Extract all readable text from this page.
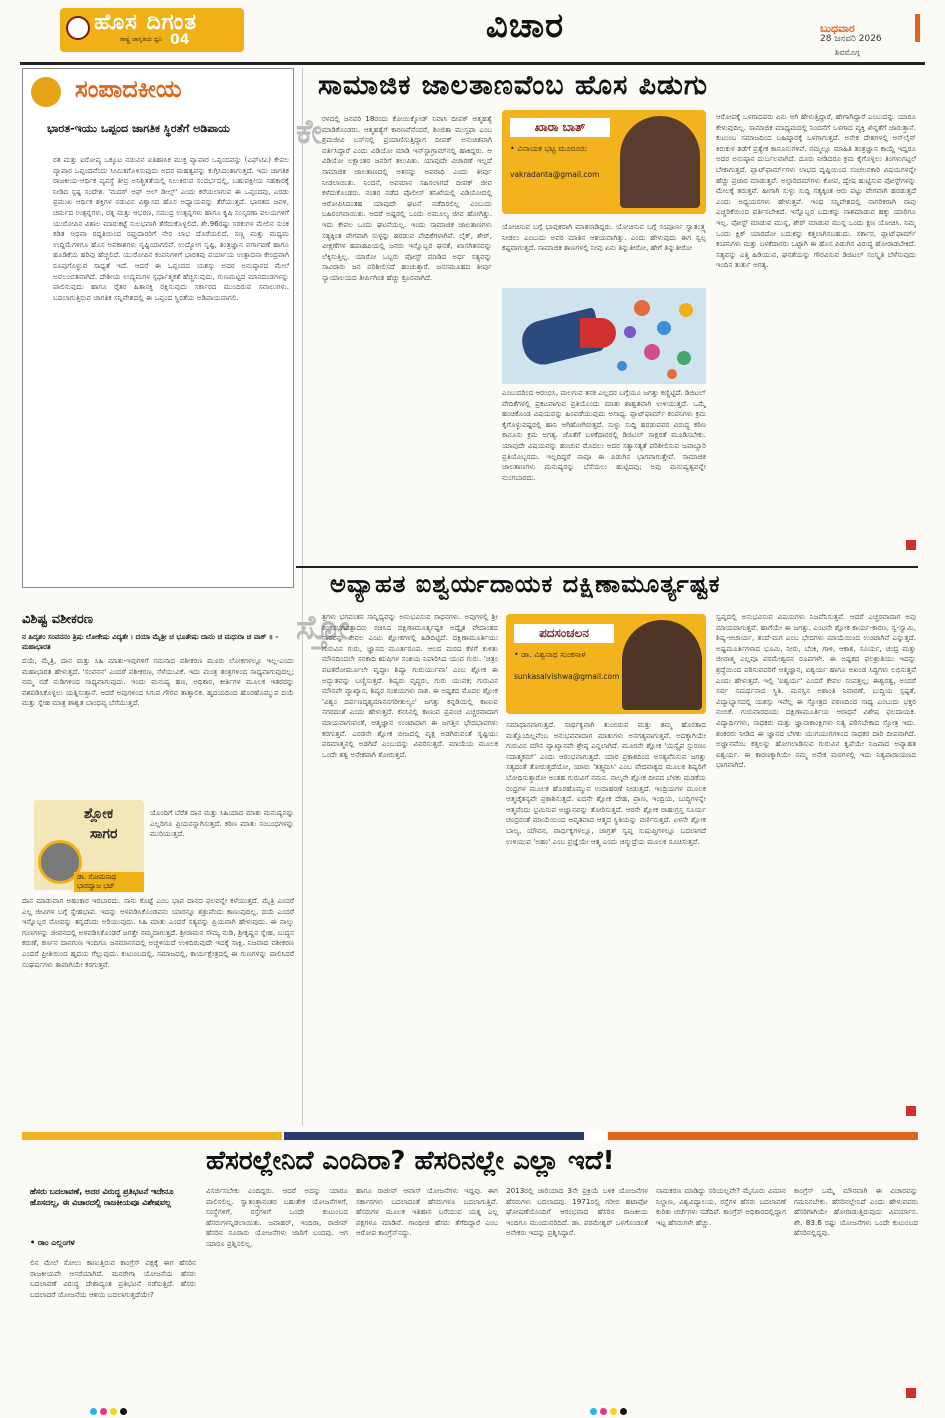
ಹೊಸ ದಿಗಂತ
ರಾಷ್ಟ್ರ ಜಾಗೃತಿಯ ಧ್ವನಿ 04	ವಿಚಾರ	ಬುಧವಾರ
28 ಜನವರಿ 2026
ಶಿವಮೊಗ್ಗ
ಸಂಪಾದಕೀಯ
ಭಾರತ-ಇಯು ಒಪ್ಪಂದ ಜಾಗತಿಕ ಸ್ಥಿರತೆಗೆ ಅಡಿಪಾಯ
ರತ ಮತ್ತು ಐರೋಪ್ಯ ಒಕ್ಕೂಟ ನಡುವಿನ ಐತಿಹಾಸಿಕ ಮುಕ್ತ ವ್ಯಾಪಾರ ಒಪ್ಪಂದವನ್ನು (ಎಫ್‌ಟಿಎ) ಕೇವಲ ವ್ಯಾಪಾರ ಒಪ್ಪಂದವೆಂದು ಸೀಮಿತಗೊಳಿಸುವುದು ಅದರ ಮಹತ್ವವನ್ನು ಕುಗ್ಗಿಸಿದಂತಾಗುತ್ತದೆ. ಇದು ಜಾಗತಿಕ ರಾಜಕೀಯ-ಆರ್ಥಿಕ ವ್ಯವಸ್ಥೆ ತೀವ್ರ ಅನಿಶ್ಚಿತತೆಯಲ್ಲಿ ಸಿಲುಕಿರುವ ಸಂದರ್ಭದಲ್ಲಿ, ಬಹುಪಕ್ಷೀಯ ಸಹಕಾರಕ್ಕೆ ನೀಡಿದ ಸ್ಪಷ್ಟ ಸಂದೇಶ. 'ಮದರ್ ಆಫ್ ಆಲ್ ಡೀಲ್ಸ್' ಎಂದು ಕರೆಯಲಾಗುವ ಈ ಒಪ್ಪಂದವು, ಎರಡು ಪ್ರಮುಖ ಆರ್ಥಿಕ ಶಕ್ತಿಗಳ ನಡುವಿನ ವಿಶ್ವಾಸದ ಹೊಸ ಅಧ್ಯಾಯವನ್ನು ತೆರೆಯುತ್ತದೆ. ಭಾರತದ ಜವಳಿ, ಚರ್ಮದ ಉತ್ಪನ್ನಗಳು, ರತ್ನ ಮತ್ತು ಆಭರಣ, ಸಮುದ್ರ ಉತ್ಪನ್ನಗಳು ಹಾಗೂ ಕೃಷಿ ಸಂಸ್ಕರಣಾ ವಲಯಗಳಿಗೆ ಯುರೋಪಿನ ವಿಶಾಲ ಮಾರುಕಟ್ಟೆ ಸುಲಭವಾಗಿ ತೆರೆದುಕೊಳ್ಳಲಿದೆ. ಶೇ.96ರಷ್ಟು ಸರಕುಗಳ ಮೇಲಿನ ಸುಂಕ ಕಡಿತ ಅಥವಾ ರದ್ದತಿಯಿಂದ ರಫ್ತುದಾರರಿಗೆ ನೇರ ಲಾಭ ದೊರೆಯಲಿದೆ. ಸಣ್ಣ ಮತ್ತು ಮಧ್ಯಮ ಉದ್ದಿಮೆಗಳಿಗೂ ಹೊಸ ಅವಕಾಶಗಳು ಸೃಷ್ಟಿಯಾಗಲಿವೆ. ಉದ್ಯೋಗ ಸೃಷ್ಟಿ, ತಂತ್ರಜ್ಞಾನ ವರ್ಗಾವಣೆ ಹಾಗೂ ಹೂಡಿಕೆಯ ಹರಿವು ಹೆಚ್ಚಲಿದೆ. ಯುರೋಪಿನ ಕಂಪನಿಗಳಿಗೆ ಭಾರತವು ಪರ್ಯಾಯ ಉತ್ಪಾದನಾ ಕೇಂದ್ರವಾಗಿ ರೂಪುಗೊಳ್ಳುವ ಸಾಧ್ಯತೆ ಇದೆ. ಆದರೆ ಈ ಒಪ್ಪಂದದ ಯಶಸ್ಸು ಅದರ ಅನುಷ್ಠಾನದ ಮೇಲೆ ಅವಲಂಬಿತವಾಗಿದೆ. ದೇಶೀಯ ಉದ್ಯಮಗಳ ಸ್ಪರ್ಧಾತ್ಮಕತೆ ಹೆಚ್ಚಿಸುವುದು, ಗುಣಮಟ್ಟದ ಮಾನದಂಡಗಳನ್ನು ಪಾಲಿಸುವುದು ಹಾಗೂ ರೈತರ ಹಿತಾಸಕ್ತಿ ರಕ್ಷಿಸುವುದು ಸರ್ಕಾರದ ಮುಂದಿರುವ ಸವಾಲುಗಳು. ಬದಲಾಗುತ್ತಿರುವ ಜಾಗತಿಕ ಸನ್ನಿವೇಶದಲ್ಲಿ ಈ ಒಪ್ಪಂದ ಸ್ಥಿರತೆಯ ಅಡಿಪಾಯವಾಗಲಿ.
ವಿಶಿಷ್ಟ ವಶೀಕರಣ
ನ ಹಿದೃಶಂ ಸಂವನನಂ ತ್ರಿಷು ಲೋಕೇಷು ವಿದ್ಯತೇ । ದಯಾ ಮೈತ್ರೀ ಚ ಭೂತೇಷು ದಾನಂ ಚ ಮಧುರಾ ಚ ವಾಕ್ ॥ - ಮಹಾಭಾರತ
ದಯೆ, ಮೈತ್ರಿ, ದಾನ ಮತ್ತು ಸಿಹಿ ಮಾತು-ಇವುಗಳಿಗೆ ಸಮನಾದ ವಶೀಕರಣ ಮೂರು ಲೋಕಗಳಲ್ಲೂ ಇಲ್ಲ-ಎಂದು ಮಹಾಭಾರತ ಹೇಳುತ್ತದೆ. 'ಸಂವನನ' ಎಂದರೆ ವಶೀಕರಣ, ಸೆಳೆಯುವಿಕೆ. ಇದು ಮಂತ್ರ ತಂತ್ರಗಳಿಂದ ಸಾಧ್ಯವಾಗುವುದಲ್ಲ; ನಮ್ಮ ನಡೆ ನುಡಿಗಳಿಂದ ಸಾಧ್ಯವಾಗುವುದು. ಇಂದು ಮನುಷ್ಯ ಹಣ, ಅಧಿಕಾರ, ಕೀರ್ತಿಗಳ ಮೂಲಕ ಇತರರನ್ನು ವಶಪಡಿಸಿಕೊಳ್ಳಲು ಯತ್ನಿಸುತ್ತಾನೆ. ಆದರೆ ಅವುಗಳಿಂದ ಸಿಗುವ ಗೌರವ ತಾತ್ಕಾಲಿಕ. ಹೃದಯದಿಂದ ಹೊರಹೊಮ್ಮುವ ದಯೆ ಮತ್ತು ಸ್ನೇಹ ಮಾತ್ರ ಶಾಶ್ವತ ಬಾಂಧವ್ಯ ಬೆಸೆಯುತ್ತದೆ.
ಶ್ಲೋಕ
ಸಾಗರ
ಡಾ. ಸೋಮನಾಥ ಭಾರದ್ವಾಜ ಭಟ್
ಯೊಂದಿಗೆ ಬೆರೆತ ದಾನ ಮತ್ತು ಸಿಹಿಯಾದ ಮಾತು ಮನುಷ್ಯನನ್ನು ಎಲ್ಲರಿಗೂ ಪ್ರಿಯನನ್ನಾಗಿಸುತ್ತದೆ. ಕಠಿಣ ಮಾತು ಸಂಬಂಧಗಳನ್ನು ಮುರಿಯುತ್ತದೆ.
ದಾನ ಮಾಡುವಾಗ ಅಹಂಕಾರ ಇರಬಾರದು. ನಾನು ಕೊಟ್ಟೆ ಎಂಬ ಭಾವ ದಾನದ ಫಲವನ್ನೇ ಕಳೆಯುತ್ತದೆ. ಮೈತ್ರಿ ಎಂದರೆ ಎಲ್ಲ ಜೀವಿಗಳ ಬಗ್ಗೆ ಸ್ನೇಹಭಾವ. ಇದನ್ನು ಅಳವಡಿಸಿಕೊಂಡವನು ಯಾರನ್ನೂ ಶತ್ರುವೆಂದು ಕಾಣುವುದಿಲ್ಲ. ದಯೆ ಎಂದರೆ ಇನ್ನೊಬ್ಬರ ನೋವನ್ನು ತನ್ನದೆಂದು ಅರಿಯುವುದು. ಸಿಹಿ ಮಾತು ಎಂದರೆ ಸತ್ಯವನ್ನು ಪ್ರಿಯವಾಗಿ ಹೇಳುವುದು. ಈ ನಾಲ್ಕು ಗುಣಗಳನ್ನು ಜೀವನದಲ್ಲಿ ಅಳವಡಿಸಿಕೊಂಡರೆ ಜಗತ್ತೇ ನಮ್ಮದಾಗುತ್ತದೆ. ಶ್ರೀರಾಮನ ಸೌಮ್ಯ ನುಡಿ, ಶ್ರೀಕೃಷ್ಣನ ಸ್ನೇಹ, ಬುದ್ಧನ ಕರುಣೆ, ಕರ್ಣನ ದಾನಗುಣ ಇಂದಿಗೂ ಜನಮಾನಸದಲ್ಲಿ ಅಚ್ಚಳಿಯದೆ ಉಳಿದಿರುವುದೇ ಇದಕ್ಕೆ ಸಾಕ್ಷಿ. ನಿಜವಾದ ವಶೀಕರಣ ಎಂದರೆ ಪ್ರೀತಿಯಿಂದ ಹೃದಯ ಗೆಲ್ಲುವುದು. ಕುಟುಂಬದಲ್ಲಿ, ಸಮಾಜದಲ್ಲಿ, ಕಾರ್ಯಕ್ಷೇತ್ರದಲ್ಲಿ ಈ ಗುಣಗಳನ್ನು ಪಾಲಿಸಿದರೆ ಸಂಘರ್ಷಗಳು ತಾವಾಗಿಯೇ ಕರಗುತ್ತವೆ.
ಸಾಮಾಜಿಕ ಜಾಲತಾಣವೆಂಬ ಹೊಸ ಪಿಡುಗು
ಕೇ ರಳದಲ್ಲಿ ಜನವರಿ 18ರಂದು ಕೋಯಿಕ್ಕೋಡ್ ನಿವಾಸಿ ದೀಪಕ್ ಆತ್ಮಹತ್ಯೆ ಮಾಡಿಕೊಂಡರು. ಆತ್ಮಹತ್ಯೆಗೆ ಕಾರಣವೆನೆಂದರೆ, ಶಿಂಜಿತಾ ಮುಸ್ತಫಾ ಎಂಬ ಶ್ರಮಜೀವಿ ಬಸ್‌ನಲ್ಲಿ ಪ್ರಯಾಣಿಸುತ್ತಿದ್ದಾಗ ದೀಪಕ್ ಅನುಚಿತವಾಗಿ ವರ್ತಿಸಿದ್ದಾರೆ ಎಂದು ವಿಡಿಯೋ ಮಾಡಿ ಇನ್‌ಸ್ಟಾಗ್ರಾಮ್‌ನಲ್ಲಿ ಹಾಕಿದ್ದರು. ಆ ವಿಡಿಯೋ ಲಕ್ಷಾಂತರ ಜನರಿಗೆ ತಲುಪಿತು. ಯಾವುದೇ ವಿಚಾರಣೆ ಇಲ್ಲದೆ ಸಾಮಾಜಿಕ ಜಾಲತಾಣದಲ್ಲಿ ಆತನನ್ನು ಅಪರಾಧಿ ಎಂದು ತೀರ್ಪು ನೀಡಲಾಯಿತು. ನಿಂದನೆ, ಅವಮಾನ ಸಹಿಸಲಾಗದೆ ದೀಪಕ್ ಜೀವ ಕಳೆದುಕೊಂಡರು. ನಂತರ ನಡೆದ ಪೊಲೀಸ್ ತನಿಖೆಯಲ್ಲಿ ವಿಡಿಯೋದಲ್ಲಿ ಆರೋಪಿಸಿದಂತಹ ಯಾವುದೇ ಘಟನೆ ನಡೆದಿರಲಿಲ್ಲ ಎಂಬುದು ಬಹಿರಂಗವಾಯಿತು. ಆದರೆ ಅಷ್ಟರಲ್ಲಿ ಒಂದು ಅಮೂಲ್ಯ ಜೀವ ಹೋಗಿತ್ತು. ಇದು ಕೇವಲ ಒಂದು ಘಟನೆಯಲ್ಲ. ಇಂದು ಸಾಮಾಜಿಕ ಜಾಲತಾಣಗಳು ಸತ್ಯಕ್ಕಿಂತ ವೇಗವಾಗಿ ಸುಳ್ಳನ್ನು ಹರಡುವ ವೇದಿಕೆಗಳಾಗಿವೆ. ಲೈಕ್, ಶೇರ್, ವೀಕ್ಷಣೆಗಳ ಹಪಾಹಪಿಯಲ್ಲಿ ಜನರು ಇನ್ನೊಬ್ಬರ ಘನತೆ, ಖಾಸಗಿತನವನ್ನು ಲೆಕ್ಕಿಸುತ್ತಿಲ್ಲ. ಯಾರೋ ಒಬ್ಬರು ಪೋಸ್ಟ್ ಮಾಡಿದ ಅರ್ಧ ಸತ್ಯವನ್ನು ಸಾವಿರಾರು ಜನ ಪರಿಶೀಲಿಸದೆ ಹಂಚುತ್ತಾರೆ. ಜನಸಮೂಹದ ತೀರ್ಪು ನ್ಯಾಯಾಲಯದ ತೀರ್ಪಿಗಿಂತ ಹೆಚ್ಚು ಕ್ರೂರವಾಗಿದೆ.
ಖಾರಾ ಬಾತ್
• ವಿನಾಯಕ ಭಟ್ಟ ಮೂರೂರು
vakradanta@gmail.com
ಯೋಚಿಸುವ ಬಗ್ಗೆ ಭಾವುಕರಾಗಿ ಮಾತನಾಡಿದ್ದರು. ಯೋಚಿಸುವ ಬಗ್ಗೆ ಸಂಪೂರ್ಣ ಸ್ವಾತಂತ್ರ್ಯ ನೀಡಲು ಎಂಬುದು ಅವರ ಮಾತಿನ ಆಶಯವಾಗಿತ್ತು. ಎಂದು ಹೇಳುವುದು ಈಗ ಸ್ವಲ್ಪ ಕಷ್ಟವಾಗುತ್ತದೆ. ಸಾಮಾಜಿಕ ತಾಣಗಳಲ್ಲಿ ನೀವು ಏನು ತಿನ್ನುತೀರೋ, ಹೇಗೆ ತಿನ್ನುತೀರೋ
ಎಂಬುದರಿಂದ ಆರಂಭಿಸಿ, ಮಲಗುವ ತನಕ ಎಲ್ಲದರ ಬಗ್ಗೆಯೂ ಜಗತ್ತು ಕಣ್ಣಿಟ್ಟಿದೆ. ಡಿಜಿಟಲ್ ವೇದಿಕೆಗಳಲ್ಲಿ ಪ್ರಕಟವಾಗುವ ಪ್ರತಿಯೊಂದು ಮಾತು ಶಾಶ್ವತವಾಗಿ ಉಳಿಯುತ್ತದೆ. ಒಮ್ಮೆ ಹಂಚಿಕೊಂಡ ವಿಷಯವನ್ನು ಹಿಂಪಡೆಯುವುದು ಅಸಾಧ್ಯ. ಪ್ಲಾಟ್‌ಫಾರ್ಮ್ ಕಂಪನಿಗಳು ಕ್ರಮ ಕೈಗೊಳ್ಳುವಷ್ಟರಲ್ಲಿ ಹಾನಿ ಆಗಿಹೋಗಿರುತ್ತದೆ. ಸುಳ್ಳು ಸುದ್ದಿ ಹರಡುವವರ ವಿರುದ್ಧ ಕಠಿಣ ಕಾನೂನು ಕ್ರಮ ಅಗತ್ಯ. ಜೊತೆಗೆ ಬಳಕೆದಾರರಲ್ಲಿ ಡಿಜಿಟಲ್ ಸಾಕ್ಷರತೆ ಮೂಡಿಸಬೇಕು. ಯಾವುದೇ ವಿಷಯವನ್ನು ಹಂಚುವ ಮೊದಲು ಅದರ ಸತ್ಯಾಸತ್ಯತೆ ಪರಿಶೀಲಿಸುವ ಜವಾಬ್ದಾರಿ ಪ್ರತಿಯೊಬ್ಬರದು. ಇಲ್ಲದಿದ್ದರೆ ನಾವೂ ಈ ಪಿಡುಗಿನ ಭಾಗವಾಗುತ್ತೇವೆ. ಸಾಮಾಜಿಕ ಜಾಲತಾಣಗಳು ಮನುಷ್ಯರನ್ನು ಬೆಸೆಯಲು ಹುಟ್ಟಿದವು; ಅವು ಮನುಷ್ಯತ್ವವನ್ನೇ ನುಂಗಬಾರದು.
ಆರೋಪಕ್ಕೆ ಒಳಗಾದವರು ಏನು ಆಗಿ ಹೇಳುತ್ತಿದ್ದಾರೆ, ಹೇಗಾಗಿದ್ದಾರೆ ಎಂಬುದನ್ನು ಯಾರೂ ಕೇಳುವುದಿಲ್ಲ. ಸಾಮಾಜಿಕ ಮಾಧ್ಯಮದಲ್ಲಿ ನಿಂದನೆಗೆ ಒಳಗಾದ ವ್ಯಕ್ತಿ ಖಿನ್ನತೆಗೆ ಜಾರುತ್ತಾನೆ. ಕುಟುಂಬ ಸಮಾಜದಿಂದ ಬಹಿಷ್ಕಾರಕ್ಕೆ ಒಳಗಾಗುತ್ತದೆ. ಅನೇಕ ದೇಶಗಳಲ್ಲಿ ಆನ್‌ಲೈನ್ ಕಿರುಕುಳ ತಡೆಗೆ ಪ್ರತ್ಯೇಕ ಕಾನೂನುಗಳಿವೆ. ನಮ್ಮಲ್ಲೂ ಮಾಹಿತಿ ತಂತ್ರಜ್ಞಾನ ಕಾಯ್ದೆ ಇದ್ದರೂ ಅದರ ಅನುಷ್ಠಾನ ದುರ್ಬಲವಾಗಿದೆ. ದೂರು ನೀಡಿದರೂ ಕ್ರಮ ಕೈಗೊಳ್ಳಲು ತಿಂಗಳುಗಟ್ಟಲೆ ಬೇಕಾಗುತ್ತದೆ. ಪ್ಲಾಟ್‌ಫಾರ್ಮ್‌ಗಳು ಲಾಭದ ದೃಷ್ಟಿಯಿಂದ ಸಂಚಲನಕಾರಿ ವಿಷಯಗಳನ್ನೇ ಹೆಚ್ಚು ಪ್ರಚಾರ ಮಾಡುತ್ತವೆ. ಅಲ್ಗಾರಿದಮ್‌ಗಳು ಕೋಪ, ದ್ವೇಷ ಹುಟ್ಟಿಸುವ ಪೋಸ್ಟ್‌ಗಳನ್ನು ಮೇಲಕ್ಕೆ ತರುತ್ತವೆ. ಹೀಗಾಗಿ ಸುಳ್ಳು ಸುದ್ದಿ ಸತ್ಯಕ್ಕಿಂತ ಆರು ಪಟ್ಟು ವೇಗವಾಗಿ ಹರಡುತ್ತದೆ ಎಂದು ಅಧ್ಯಯನಗಳು ಹೇಳುತ್ತವೆ. ಇಂಥ ಸನ್ನಿವೇಶದಲ್ಲಿ ನಾಗರಿಕರಾಗಿ ನಾವು ಎಚ್ಚರಿಕೆಯಿಂದ ವರ್ತಿಸಬೇಕಿದೆ. ಇನ್ನೊಬ್ಬರ ಬದುಕನ್ನು ನಾಶಮಾಡುವ ಹಕ್ಕು ಯಾರಿಗೂ ಇಲ್ಲ. ಪೋಸ್ಟ್ ಮಾಡುವ ಮುನ್ನ, ಶೇರ್ ಮಾಡುವ ಮುನ್ನ ಒಂದು ಕ್ಷಣ ಯೋಚಿಸಿ. ನಿಮ್ಮ ಒಂದು ಕ್ಲಿಕ್ ಯಾರದೋ ಬದುಕನ್ನು ಕತ್ತಲಾಗಿಸಬಹುದು. ಸರ್ಕಾರ, ಪ್ಲಾಟ್‌ಫಾರ್ಮ್ ಕಂಪನಿಗಳು ಮತ್ತು ಬಳಕೆದಾರರು ಒಟ್ಟಾಗಿ ಈ ಹೊಸ ಪಿಡುಗಿನ ವಿರುದ್ಧ ಹೋರಾಡಬೇಕಿದೆ. ಸತ್ಯವನ್ನು ಎತ್ತಿ ಹಿಡಿಯುವ, ಘನತೆಯನ್ನು ಗೌರವಿಸುವ ಡಿಜಿಟಲ್ ಸಂಸ್ಕೃತಿ ಬೆಳೆಸುವುದು ಇಂದಿನ ತುರ್ತು ಅಗತ್ಯ.
ಅವ್ಯಾಹತ ಐಶ್ವರ್ಯದಾಯಕ ದಕ್ಷಿಣಾಮೂರ್ತ್ಯಷ್ಟಕ
ಸ್ತೋ
ತ್ರಗಳು ಭಗವಂತನ ಸಾನ್ನಿಧ್ಯವನ್ನು ಅನುಭವಿಸುವ ಸಾಧನಗಳು. ಅವುಗಳಲ್ಲಿ ಶ್ರೀ ಶಂಕರಭಗವತ್ಪಾದರು ರಚಿಸಿದ ದಕ್ಷಿಣಾಮೂರ್ತ್ಯಷ್ಟಕ ಅದ್ವೈತ ವೇದಾಂತದ ಸಾರವನ್ನು ಕೇವಲ ಎಂಟು ಶ್ಲೋಕಗಳಲ್ಲಿ ಹಿಡಿದಿಟ್ಟಿದೆ. ದಕ್ಷಿಣಾಮೂರ್ತಿಯು ಗುರುವಿನ ಗುರು, ಜ್ಞಾನದ ಮೂರ್ತರೂಪ. ಆಲದ ಮರದ ಕೆಳಗೆ ಕುಳಿತು ಮೌನದಿಂದಲೇ ಸನಕಾದಿ ಋಷಿಗಳ ಸಂಶಯ ನಿವಾರಿಸಿದ ಯುವ ಗುರು. 'ಚಿತ್ರಂ ವಟತರೋರ್ಮೂಲೇ ವೃದ್ಧಾಃ ಶಿಷ್ಯಾ ಗುರುರ್ಯುವಾ' ಎಂಬ ಶ್ಲೋಕ ಈ ಅದ್ಭುತವನ್ನು ಬಣ್ಣಿಸುತ್ತದೆ. ಶಿಷ್ಯರು ವೃದ್ಧರು, ಗುರು ಯುವಕ; ಗುರುವಿನ ಮೌನವೇ ವ್ಯಾಖ್ಯಾನ, ಶಿಷ್ಯರ ಸಂಶಯಗಳು ನಾಶ. ಈ ಅಷ್ಟಕದ ಮೊದಲ ಶ್ಲೋಕ 'ವಿಶ್ವಂ ದರ್ಪಣದೃಶ್ಯಮಾನನಗರೀತುಲ್ಯಂ' ಜಗತ್ತು ಕನ್ನಡಿಯಲ್ಲಿ ಕಾಣುವ ನಗರದಂತೆ ಎಂದು ಹೇಳುತ್ತದೆ. ಕನಸಿನಲ್ಲಿ ಕಾಣುವ ಪ್ರಪಂಚ ಎಚ್ಚರವಾದಾಗ ಮಾಯವಾಗುವಂತೆ, ಆತ್ಮಜ್ಞಾನ ಉಂಟಾದಾಗ ಈ ಜಗತ್ತಿನ ಭೇದಭಾವಗಳು ಕರಗುತ್ತವೆ. ಎರಡನೇ ಶ್ಲೋಕ ಬೀಜದಲ್ಲಿ ವೃಕ್ಷ ಅಡಗಿರುವಂತೆ ಸೃಷ್ಟಿಯು ಪರಮಾತ್ಮನಲ್ಲಿ ಅಡಗಿದೆ ಎಂಬುದನ್ನು ವಿವರಿಸುತ್ತದೆ. ಮಾಯೆಯ ಮೂಲಕ ಒಂದೇ ತತ್ವ ಅನೇಕವಾಗಿ ತೋರುತ್ತದೆ.
ಪದಸಂಚಲನ
• ಡಾ. ವಿಶ್ವನಾಥ ಸುಂಕಸಾಳ
sunkasalvishwa@gmail.com
ಸಮಾಧಾನವಾಗುತ್ತದೆ. ಸಾರ್ಥಕ್ಯವಾಗಿ ತುಂಬಿರುವ ಮತ್ತು ತಮ್ಮ ಹೊರತಾದ ಮತ್ತೊಂದಿಲ್ಲವೆಂಬ ಅನುಭವವಾದಾಗ ಮಾತುಗಳು ಅನಗತ್ಯವಾಗುತ್ತವೆ. ಅದಕ್ಕಾಗಿಯೇ ಗುರುವಿನ ಮೌನ ವ್ಯಾಖ್ಯಾನವೇ ಶ್ರೇಷ್ಠ ಎನ್ನಲಾಗಿದೆ. ಮೂರನೇ ಶ್ಲೋಕ 'ಯಸ್ಯೈವ ಸ್ಫುರಣಂ ಸದಾತ್ಮಕಮ್' ಎಂದು ಆರಂಭವಾಗುತ್ತದೆ. ಯಾರ ಪ್ರಕಾಶದಿಂದ ಅಸತ್ಯವೆನಿಸುವ ಜಗತ್ತು ಸತ್ಯದಂತೆ ತೋರುತ್ತದೆಯೋ, ಯಾರು 'ತತ್ತ್ವಮಸಿ' ಎಂಬ ವೇದವಾಕ್ಯದ ಮೂಲಕ ಶಿಷ್ಯರಿಗೆ ಬೋಧಿಸುತ್ತಾರೋ ಅಂತಹ ಗುರುವಿಗೆ ನಮನ. ನಾಲ್ಕನೇ ಶ್ಲೋಕ ದೀಪದ ಬೆಳಕು ಮಡಕೆಯ ರಂಧ್ರಗಳ ಮೂಲಕ ಹೊರಹೊಮ್ಮುವ ಉದಾಹರಣೆ ನೀಡುತ್ತದೆ. ಇಂದ್ರಿಯಗಳ ಮೂಲಕ ಆತ್ಮಚೈತನ್ಯವೇ ಪ್ರಕಾಶಿಸುತ್ತದೆ. ಐದನೇ ಶ್ಲೋಕ ದೇಹ, ಪ್ರಾಣ, ಇಂದ್ರಿಯ, ಬುದ್ಧಿಗಳನ್ನೇ ಆತ್ಮವೆಂದು ಭ್ರಮಿಸುವ ಅಜ್ಞಾನವನ್ನು ತೋರಿಸುತ್ತದೆ. ಆರನೇ ಶ್ಲೋಕ ರಾಹುಗ್ರಸ್ತ ಸೂರ್ಯ ಚಂದ್ರರಂತೆ ಮಾಯೆಯಿಂದ ಆವೃತವಾದ ಆತ್ಮದ ಸ್ಥಿತಿಯನ್ನು ವರ್ಣಿಸುತ್ತದೆ. ಏಳನೇ ಶ್ಲೋಕ ಬಾಲ್ಯ, ಯೌವನ, ವಾರ್ಧಕ್ಯಗಳಲ್ಲೂ, ಜಾಗ್ರತ್ ಸ್ವಪ್ನ ಸುಷುಪ್ತಿಗಳಲ್ಲೂ ಬದಲಾಗದೆ ಉಳಿಯುವ 'ಅಹಂ' ಎಂಬ ಪ್ರಜ್ಞೆಯೇ ಆತ್ಮ ಎಂದು ಚಿನ್ಮುದ್ರೆಯ ಮೂಲಕ ಸೂಚಿಸುತ್ತದೆ.
ಸ್ವಪ್ನದಲ್ಲಿ ಅನುಭವಿಸುವ ವಿಷಯಗಳು ನಿಜವೆನಿಸುತ್ತವೆ. ಆದರೆ ಎಚ್ಚರವಾದಾಗ ಅವು ಮಾಯವಾಗುತ್ತವೆ. ಹಾಗೆಯೇ ಈ ಜಗತ್ತು. ಎಂಟನೇ ಶ್ಲೋಕ ಕಾರ್ಯ-ಕಾರಣ, ಸ್ವ-ಸ್ವಾಮಿ, ಶಿಷ್ಯ-ಆಚಾರ್ಯ, ತಂದೆ-ಮಗ ಎಂಬ ಭೇದಗಳು ಮಾಯೆಯಿಂದ ಉಂಟಾಗಿವೆ ಎನ್ನುತ್ತದೆ. ಅಷ್ಟಮೂರ್ತಿಗಳಾದ ಭೂಮಿ, ನೀರು, ಬೆಂಕಿ, ಗಾಳಿ, ಆಕಾಶ, ಸೂರ್ಯ, ಚಂದ್ರ ಮತ್ತು ಜೀವಾತ್ಮ ಎಲ್ಲವೂ ಪರಮೇಶ್ವರನ ರೂಪಗಳೇ. ಈ ಅಷ್ಟಕದ ಫಲಶ್ರುತಿಯು ಇದನ್ನು ಶ್ರದ್ಧೆಯಿಂದ ಪಠಿಸುವವರಿಗೆ ಆತ್ಮಜ್ಞಾನ, ಐಶ್ವರ್ಯ ಹಾಗೂ ಅಖಂಡ ಸಿದ್ಧಿಗಳು ಲಭಿಸುತ್ತವೆ ಎಂದು ಹೇಳುತ್ತದೆ. ಇಲ್ಲಿ 'ಐಶ್ವರ್ಯ' ಎಂದರೆ ಕೇವಲ ಸಂಪತ್ತಲ್ಲ; ಈಶ್ವರತ್ವ, ಅಂದರೆ ಸರ್ವ ಸಮರ್ಥನಾದ ಸ್ಥಿತಿ. ಮನಸ್ಸಿನ ಅಶಾಂತಿ ನಿವಾರಣೆ, ಬುದ್ಧಿಯ ಸ್ಪಷ್ಟತೆ, ವಿದ್ಯಾಭ್ಯಾಸದಲ್ಲಿ ಯಶಸ್ಸು ಇವೆಲ್ಲ ಈ ಸ್ತೋತ್ರದ ಪಠಣದಿಂದ ಸಾಧ್ಯ ಎಂಬುದು ಭಕ್ತರ ನಂಬಿಕೆ. ಗುರುವಾರದಂದು ದಕ್ಷಿಣಾಮೂರ್ತಿಯ ಆರಾಧನೆ ವಿಶೇಷ ಫಲದಾಯಕ. ವಿದ್ಯಾರ್ಥಿಗಳು, ಸಾಧಕರು ಮತ್ತು ಜ್ಞಾನಾಕಾಂಕ್ಷಿಗಳು ನಿತ್ಯ ಪಠಿಸಬೇಕಾದ ಸ್ತೋತ್ರ ಇದು. ಶಂಕರರು ನೀಡಿದ ಈ ಜ್ಞಾನದ ಬೆಳಕು ಯುಗಯುಗಗಳಿಂದ ಸಾಧಕರ ದಾರಿ ದೀಪವಾಗಿದೆ. ಅಜ್ಞಾನವೆಂಬ ಕತ್ತಲನ್ನು ಹೋಗಲಾಡಿಸುವ ಗುರುವಿನ ಕೃಪೆಯೇ ನಿಜವಾದ ಅವ್ಯಾಹತ ಐಶ್ವರ್ಯ. ಈ ಕಾರಣಕ್ಕಾಗಿಯೇ ನಮ್ಮ ಅನೇಕ ಮಠಗಳಲ್ಲಿ ಇದು ನಿತ್ಯಪಾರಾಯಣದ ಭಾಗವಾಗಿದೆ.
ಹೆಸರಲ್ಲೇನಿದೆ ಎಂದಿರಾ? ಹೆಸರಿನಲ್ಲೇ ಎಲ್ಲಾ ಇದೆ!
ಹೆಸರು ಬದಲಾವಣೆ, ಅದರ ವಿರುದ್ಧ ಪ್ರತಿಭಟನೆ ಇದೇನೂ ಹೊಸದಲ್ಲ, ಈ ವಿಚಾರದಲ್ಲಿ ರಾಜಕೀಯವೂ ವಿಶೇಷವಲ್ಲ
• ರಾಂ ಎಲ್ಲಂಗಳ
ಲಿನ ಮೇಲೆ ಸೋಲು ಕಾಣುತ್ತಿರುವ ಕಾಂಗ್ರೆಸ್ ಪಕ್ಷಕ್ಕೆ ಈಗ ಹೆಸರಿನ ರಾಜಕೀಯವೇ ಆಸರೆಯಾಗಿದೆ. ಮನರೇಗಾ ಯೋಜನೆಯ ಹೆಸರು ಬದಲಾವಣೆ ವಿರುದ್ಧ ದೇಶಾದ್ಯಂತ ಪ್ರತಿಭಟನೆ ನಡೆಸುತ್ತಿದೆ. ಹೆಸರು ಬದಲಾದರೆ ಯೋಜನೆಯ ಆಶಯ ಬದಲಾಗುತ್ತದೆಯೇ?
ವಿಸರ್ಜಿಸಬೇಕು ಎಂದಿದ್ದರು. ಆದರೆ ಅದನ್ನು ಯಾರೂ ಪಾಲಿಸಲಿಲ್ಲ. ಸ್ವಾತಂತ್ರ್ಯಾನಂತರ ಬಹುತೇಕ ಯೋಜನೆಗಳಿಗೆ, ಸಂಸ್ಥೆಗಳಿಗೆ, ರಸ್ತೆಗಳಿಗೆ ಒಂದೇ ಕುಟುಂಬದ ಹೆಸರುಗಳನ್ನಿಡಲಾಯಿತು. ಜವಾಹರ್, ಇಂದಿರಾ, ರಾಜೀವ್ ಹೆಸರಿನ ನೂರಾರು ಯೋಜನೆಗಳು ಜಾರಿಗೆ ಬಂದವು. ಆಗ ಯಾರೂ ಪ್ರಶ್ನಿಸಲಿಲ್ಲ.
ಹಾಗೂ ರಾಜೀವ್ ಆವಾಸ್ ಯೋಜನೆಗಳು ಇದ್ದವು. ಈಗ ಸರ್ಕಾರಗಳು ಬದಲಾದಂತೆ ಹೆಸರುಗಳೂ ಬದಲಾಗುತ್ತಿವೆ. ಹೆಸರುಗಳ ಮೂಲಕ ಇತಿಹಾಸ ಬರೆಯುವ ಯತ್ನ ಎಲ್ಲ ಪಕ್ಷಗಳೂ ಮಾಡಿವೆ. ಗಾಂಧೀಜಿ ಹೆಸರು ತೆಗೆದಿದ್ದಾರೆ ಎಂಬ ಆರೋಪ ಕಾಂಗ್ರೆಸ್‌ನದ್ದು.
2013ರಲ್ಲಿ ಜಾರಿಯಾದ 3ನೇ ಪ್ರಕ್ರಿಯೆ ಬಳಿಕ ಯೋಜನೆಗಳ ಹೆಸರುಗಳು ಬದಲಾದವು. 1971ರಲ್ಲಿ ಗರೀಬಿ ಹಟಾವೋ ಘೋಷಣೆಯೊಂದಿಗೆ ಆರಂಭವಾದ ಹೆಸರಿನ ರಾಜಕೀಯ ಇಂದಿಗೂ ಮುಂದುವರಿದಿದೆ. ಡಾ. ಪರಮೇಶ್ವರ್ ಒಳಗೊಂಡಂತೆ ಅನೇಕರು ಇದನ್ನು ಪ್ರಶ್ನಿಸಿದ್ದಾರೆ.
ನಾಮಕರಣ ಮಾಡಿದ್ದು ಸರಿಯಲ್ಲವೇ? ಮೈಸೂರು ವಿಮಾನ ನಿಲ್ದಾಣ, ವಿಶ್ವವಿದ್ಯಾಲಯ, ರಸ್ತೆಗಳ ಹೆಸರು ಬದಲಾವಣೆ ಕುರಿತು ಚರ್ಚೆಗಳು ನಡೆದಿವೆ. ಕಾಂಗ್ರೆಸ್ ಅಧಿಕಾರದಲ್ಲಿದ್ದಾಗ ಇಟ್ಟ ಹೆಸರುಗಳೇ ಹೆಚ್ಚು.
ಕಾಂಗ್ರೆಸ್ ಒಮ್ಮೆ ಮೌನವಾಗಿ ಈ ವಿಚಾರವನ್ನು ಗಮನಿಸಬೇಕು. ಹೆಸರಿನಲ್ಲೇನಿದೆ ಎಂದು ಹೇಳುವವರು ಹೆಸರಿಗಾಗಿಯೇ ಹೋರಾಡುತ್ತಿರುವುದು ವಿಪರ್ಯಾಸ. ಶೇ. 83.6 ರಷ್ಟು ಯೋಜನೆಗಳು ಒಂದೇ ಕುಟುಂಬದ ಹೆಸರಿನಲ್ಲಿದ್ದವು.
